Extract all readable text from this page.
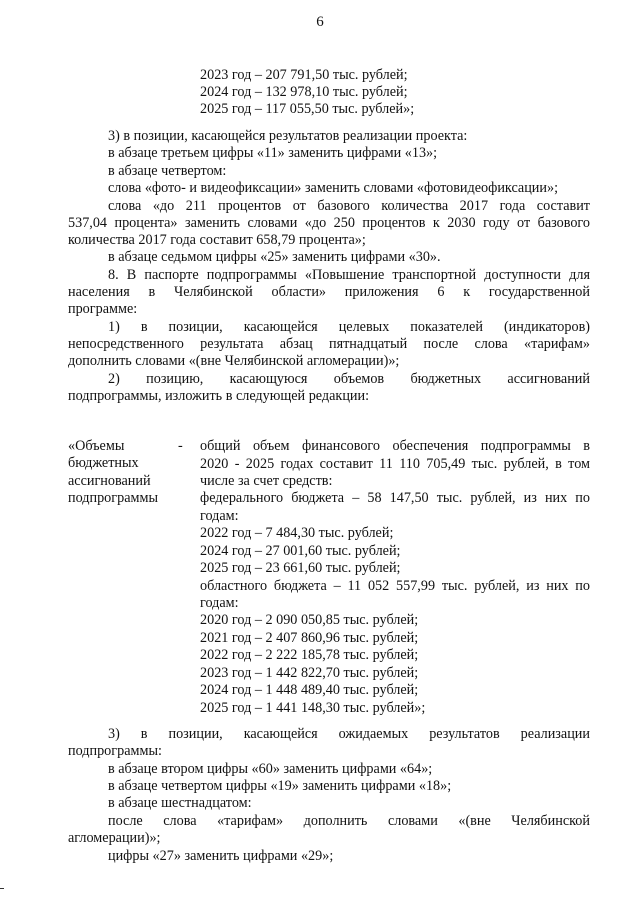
6
2023 год – 207 791,50 тыс. рублей;
2024 год – 132 978,10 тыс. рублей;
2025 год – 117 055,50 тыс. рублей»;
3) в позиции, касающейся результатов реализации проекта:
в абзаце третьем цифры «11» заменить цифрами «13»;
в абзаце четвертом:
слова «фото- и видеофиксации» заменить словами «фотовидеофиксации»;
слова «до 211 процентов от базового количества 2017 года составит
537,04 процента» заменить словами «до 250 процентов к 2030 году от базового
количества 2017 года составит 658,79 процента»;
в абзаце седьмом цифры «25» заменить цифрами «30».
8. В паспорте подпрограммы «Повышение транспортной доступности для
населения в Челябинской области» приложения 6 к государственной
программе:
1) в позиции, касающейся целевых показателей (индикаторов)
непосредственного результата абзац пятнадцатый после слова «тарифам»
дополнить словами «(вне Челябинской агломерации)»;
2) позицию, касающуюся объемов бюджетных ассигнований
подпрограммы, изложить в следующей редакции:
«Объемы бюджетных ассигнований подпрограммы
- общий объем финансового обеспечения подпрограммы в
2020 - 2025 годах составит 11 110 705,49 тыс. рублей, в том
числе за счет средств:
федерального бюджета – 58 147,50 тыс. рублей, из них по
годам:
2022 год – 7 484,30 тыс. рублей;
2024 год – 27 001,60 тыс. рублей;
2025 год – 23 661,60 тыс. рублей;
областного бюджета – 11 052 557,99 тыс. рублей, из них по
годам:
2020 год – 2 090 050,85 тыс. рублей;
2021 год – 2 407 860,96 тыс. рублей;
2022 год – 2 222 185,78 тыс. рублей;
2023 год – 1 442 822,70 тыс. рублей;
2024 год – 1 448 489,40 тыс. рублей;
2025 год – 1 441 148,30 тыс. рублей»;
3) в позиции, касающейся ожидаемых результатов реализации
подпрограммы:
в абзаце втором цифры «60» заменить цифрами «64»;
в абзаце четвертом цифры «19» заменить цифрами «18»;
в абзаце шестнадцатом:
после слова «тарифам» дополнить словами «(вне Челябинской
агломерации)»;
цифры «27» заменить цифрами «29»;
